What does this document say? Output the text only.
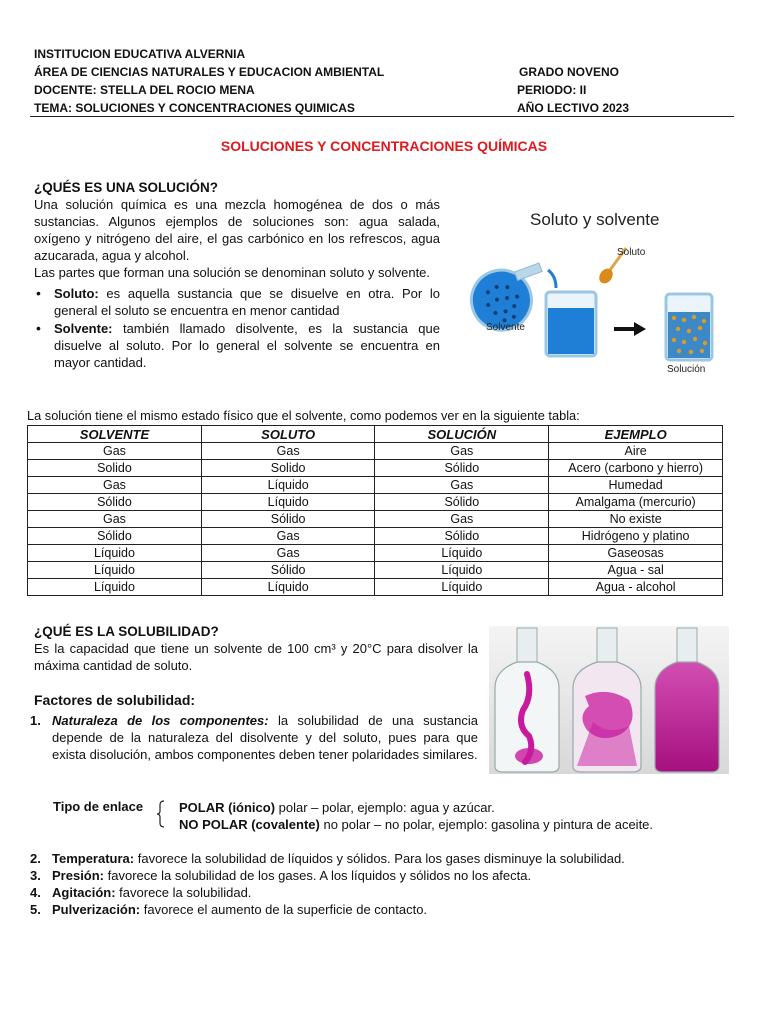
INSTITUCION EDUCATIVA ALVERNIA
ÁREA DE CIENCIAS NATURALES Y EDUCACION AMBIENTAL	GRADO NOVENO
DOCENTE: STELLA DEL ROCIO MENA	PERIODO: II
TEMA: SOLUCIONES Y CONCENTRACIONES QUIMICAS	AÑO LECTIVO 2023
SOLUCIONES Y CONCENTRACIONES QUÍMICAS
¿QUÉS ES UNA SOLUCIÓN?
Una solución química es una mezcla homogénea de dos o más sustancias. Algunos ejemplos de soluciones son: agua salada, oxígeno y nitrógeno del aire, el gas carbónico en los refrescos, agua azucarada, agua y alcohol.
Las partes que forman una solución se denominan soluto y solvente.
• Soluto: es aquella sustancia que se disuelve en otra. Por lo general el soluto se encuentra en menor cantidad
• Solvente: también llamado disolvente, es la sustancia que disuelve al soluto. Por lo general el solvente se encuentra en mayor cantidad.
Soluto y solvente
Soluto
Solvente
Solución
La solución tiene el mismo estado físico que el solvente, como podemos ver en la siguiente tabla:
SOLVENTE	SOLUTO	SOLUCIÓN	EJEMPLO
Gas	Gas	Gas	Aire
Solido	Solido	Sólido	Acero (carbono y hierro)
Gas	Líquido	Gas	Humedad
Sólido	Líquido	Sólido	Amalgama (mercurio)
Gas	Sólido	Gas	No existe
Sólido	Gas	Sólido	Hidrógeno y platino
Líquido	Gas	Líquido	Gaseosas
Líquido	Sólido	Líquido	Agua - sal
Líquido	Líquido	Líquido	Agua - alcohol
¿QUÉ ES LA SOLUBILIDAD?
Es la capacidad que tiene un solvente de 100 cm³ y 20°C para disolver la máxima cantidad de soluto.
Factores de solubilidad:
1. Naturaleza de los componentes: la solubilidad de una sustancia depende de la naturaleza del disolvente y del soluto, pues para que exista disolución, ambos componentes deben tener polaridades similares.
Tipo de enlace	POLAR (iónico) polar – polar, ejemplo: agua y azúcar.
NO POLAR (covalente) no polar – no polar, ejemplo: gasolina y pintura de aceite.
2. Temperatura: favorece la solubilidad de líquidos y sólidos. Para los gases disminuye la solubilidad.
3. Presión: favorece la solubilidad de los gases. A los líquidos y sólidos no los afecta.
4. Agitación: favorece la solubilidad.
5. Pulverización: favorece el aumento de la superficie de contacto.
